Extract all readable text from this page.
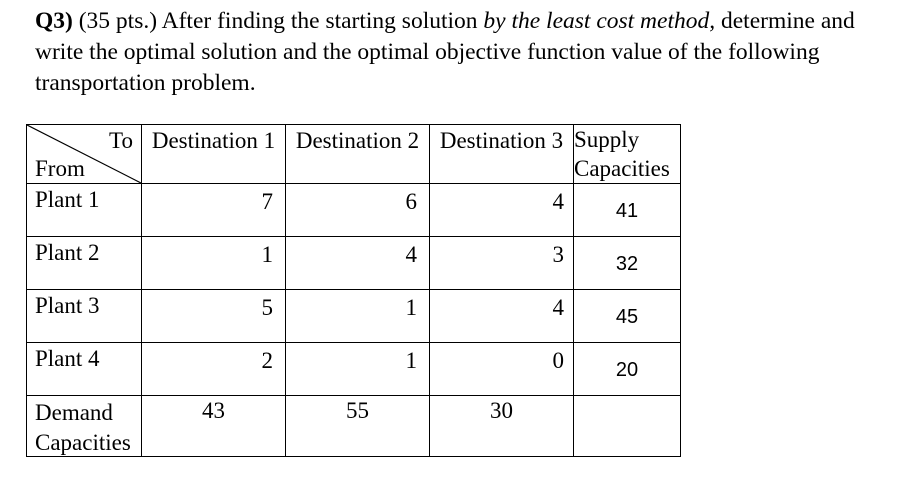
Q3) (35 pts.) After finding the starting solution by the least cost method, determine and write the optimal solution and the optimal objective function value of the following transportation problem.
To
From	Destination 1	Destination 2	Destination 3	Supply
Capacities

Plant 1	7	6	4	41

Plant 2	1	4	3	32

Plant 3	5	1	4	45

Plant 4	2	1	0	20

Demand
Capacities	43	55	30	
